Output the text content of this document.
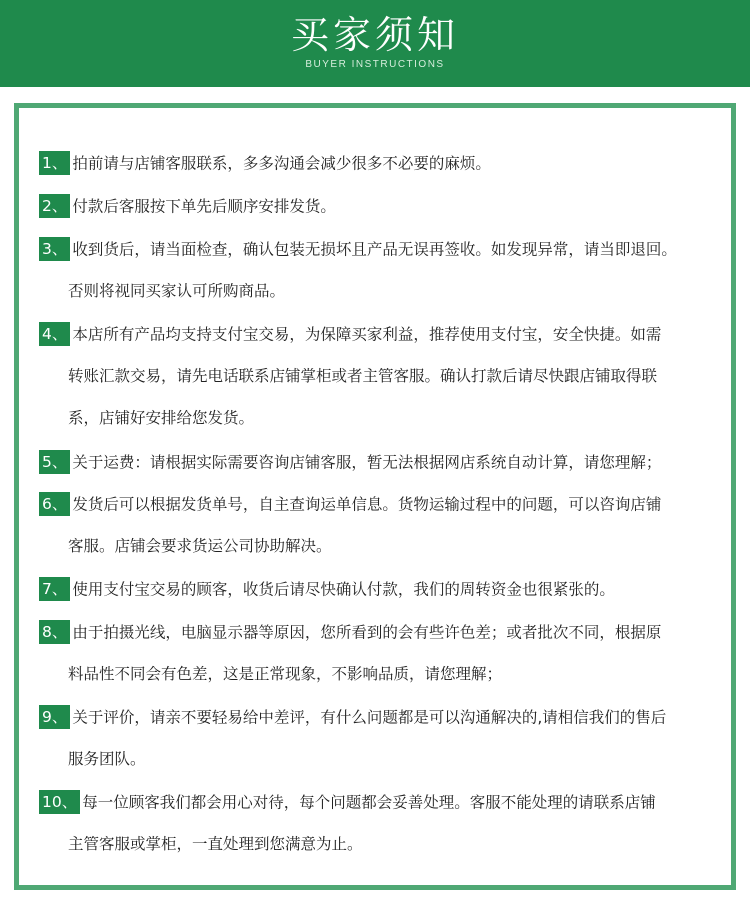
买家须知
BUYER INSTRUCTIONS
1、 拍前请与店铺客服联系，多多沟通会减少很多不必要的麻烦。
2、 付款后客服按下单先后顺序安排发货。
3、 收到货后，请当面检查，确认包装无损坏且产品无误再签收。如发现异常，请当即退回。
否则将视同买家认可所购商品。
4、 本店所有产品均支持支付宝交易，为保障买家利益，推荐使用支付宝，安全快捷。如需
转账汇款交易，请先电话联系店铺掌柜或者主管客服。确认打款后请尽快跟店铺取得联
系，店铺好安排给您发货。
5、 关于运费：请根据实际需要咨询店铺客服，暂无法根据网店系统自动计算，请您理解；
6、 发货后可以根据发货单号，自主查询运单信息。货物运输过程中的问题，可以咨询店铺
客服。店铺会要求货运公司协助解决。
7、 使用支付宝交易的顾客，收货后请尽快确认付款，我们的周转资金也很紧张的。
8、 由于拍摄光线，电脑显示器等原因，您所看到的会有些许色差；或者批次不同，根据原
料品性不同会有色差，这是正常现象，不影响品质，请您理解；
9、 关于评价，请亲不要轻易给中差评，有什么问题都是可以沟通解决的,请相信我们的售后
服务团队。
10、 每一位顾客我们都会用心对待，每个问题都会妥善处理。客服不能处理的请联系店铺
主管客服或掌柜，一直处理到您满意为止。
